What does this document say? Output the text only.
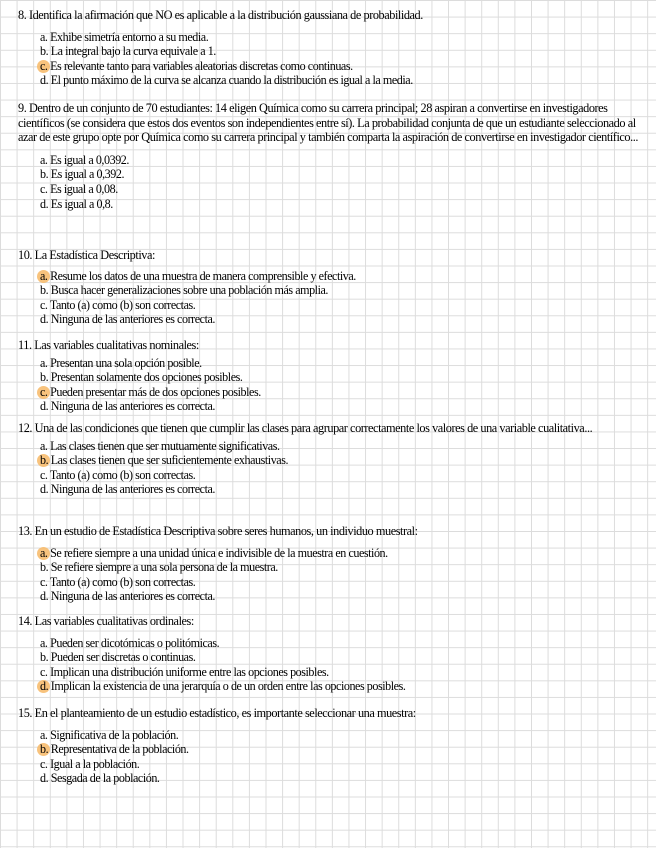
8. Identifica la afirmación que NO es aplicable a la distribución gaussiana de probabilidad.

a. Exhibe simetría entorno a su media.
b. La integral bajo la curva equivale a 1.
c. Es relevante tanto para variables aleatorias discretas como continuas.
d. El punto máximo de la curva se alcanza cuando la distribución es igual a la media.

9. Dentro de un conjunto de 70 estudiantes: 14 eligen Química como su carrera principal; 28 aspiran a convertirse en investigadores científicos (se considera que estos dos eventos son independientes entre sí). La probabilidad conjunta de que un estudiante seleccionado al azar de este grupo opte por Química como su carrera principal y también comparta la aspiración de convertirse en investigador científico...

a. Es igual a 0,0392.
b. Es igual a 0,392.
c. Es igual a 0,08.
d. Es igual a 0,8.

10. La Estadística Descriptiva:

a. Resume los datos de una muestra de manera comprensible y efectiva.
b. Busca hacer generalizaciones sobre una población más amplia.
c. Tanto (a) como (b) son correctas.
d. Ninguna de las anteriores es correcta.

11. Las variables cualitativas nominales:

a. Presentan una sola opción posible.
b. Presentan solamente dos opciones posibles.
c. Pueden presentar más de dos opciones posibles.
d. Ninguna de las anteriores es correcta.

12. Una de las condiciones que tienen que cumplir las clases para agrupar correctamente los valores de una variable cualitativa...

a. Las clases tienen que ser mutuamente significativas.
b. Las clases tienen que ser suficientemente exhaustivas.
c. Tanto (a) como (b) son correctas.
d. Ninguna de las anteriores es correcta.

13. En un estudio de Estadística Descriptiva sobre seres humanos, un individuo muestral:

a. Se refiere siempre a una unidad única e indivisible de la muestra en cuestión.
b. Se refiere siempre a una sola persona de la muestra.
c. Tanto (a) como (b) son correctas.
d. Ninguna de las anteriores es correcta.

14. Las variables cualitativas ordinales:

a. Pueden ser dicotómicas o politómicas.
b. Pueden ser discretas o continuas.
c. Implican una distribución uniforme entre las opciones posibles.
d. Implican la existencia de una jerarquía o de un orden entre las opciones posibles.

15. En el planteamiento de un estudio estadístico, es importante seleccionar una muestra:

a. Significativa de la población.
b. Representativa de la población.
c. Igual a la población.
d. Sesgada de la población.
